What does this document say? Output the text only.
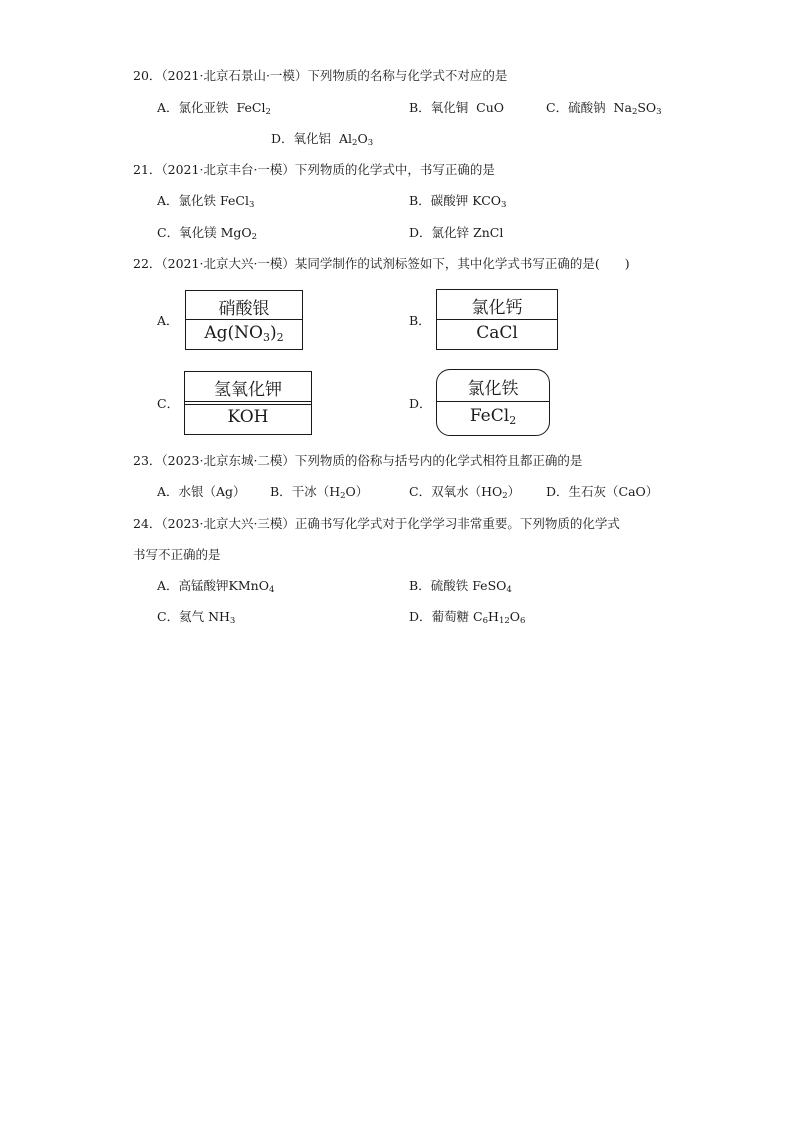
20．（2021·北京石景山·一模）下列物质的名称与化学式不对应的是
A．氯化亚铁 FeCl$_2$	B．氧化铜 CuO	C．硫酸钠 $Na_2SO_3$
D．氧化铝 $Al_2O_3$
21．（2021·北京丰台·一模）下列物质的化学式中，书写正确的是
A．氯化铁 FeCl$_3$	B．碳酸钾 $KCO_3$
C．氧化镁 MgO$_2$	D．氯化锌 ZnCl
22．（2021·北京大兴·一模）某同学制作的试剂标签如下，其中化学式书写正确的是(　　)
A．
硝酸银
$Ag(NO_3)_2$
B．
氯化钙
CaCl
C．
氢氧化钾
KOH
D．
氯化铁
FeCl$_2$
23．（2023·北京东城·二模）下列物质的俗称与括号内的化学式相符且都正确的是
A．水银（Ag） B．干冰$(H_2O)$	C．双氧水$(HO_2)$ D．生石灰（CaO）
24．（2023·北京大兴·三模）正确书写化学式对于化学学习非常重要。下列物质的化学式
书写不正确的是
A．高锰酸钾KMnO$_4$	B．硫酸铁 FeSO$_4$
C．氦气 $NH_3$	D．葡萄糖 $C_6H_{12}O_6$
